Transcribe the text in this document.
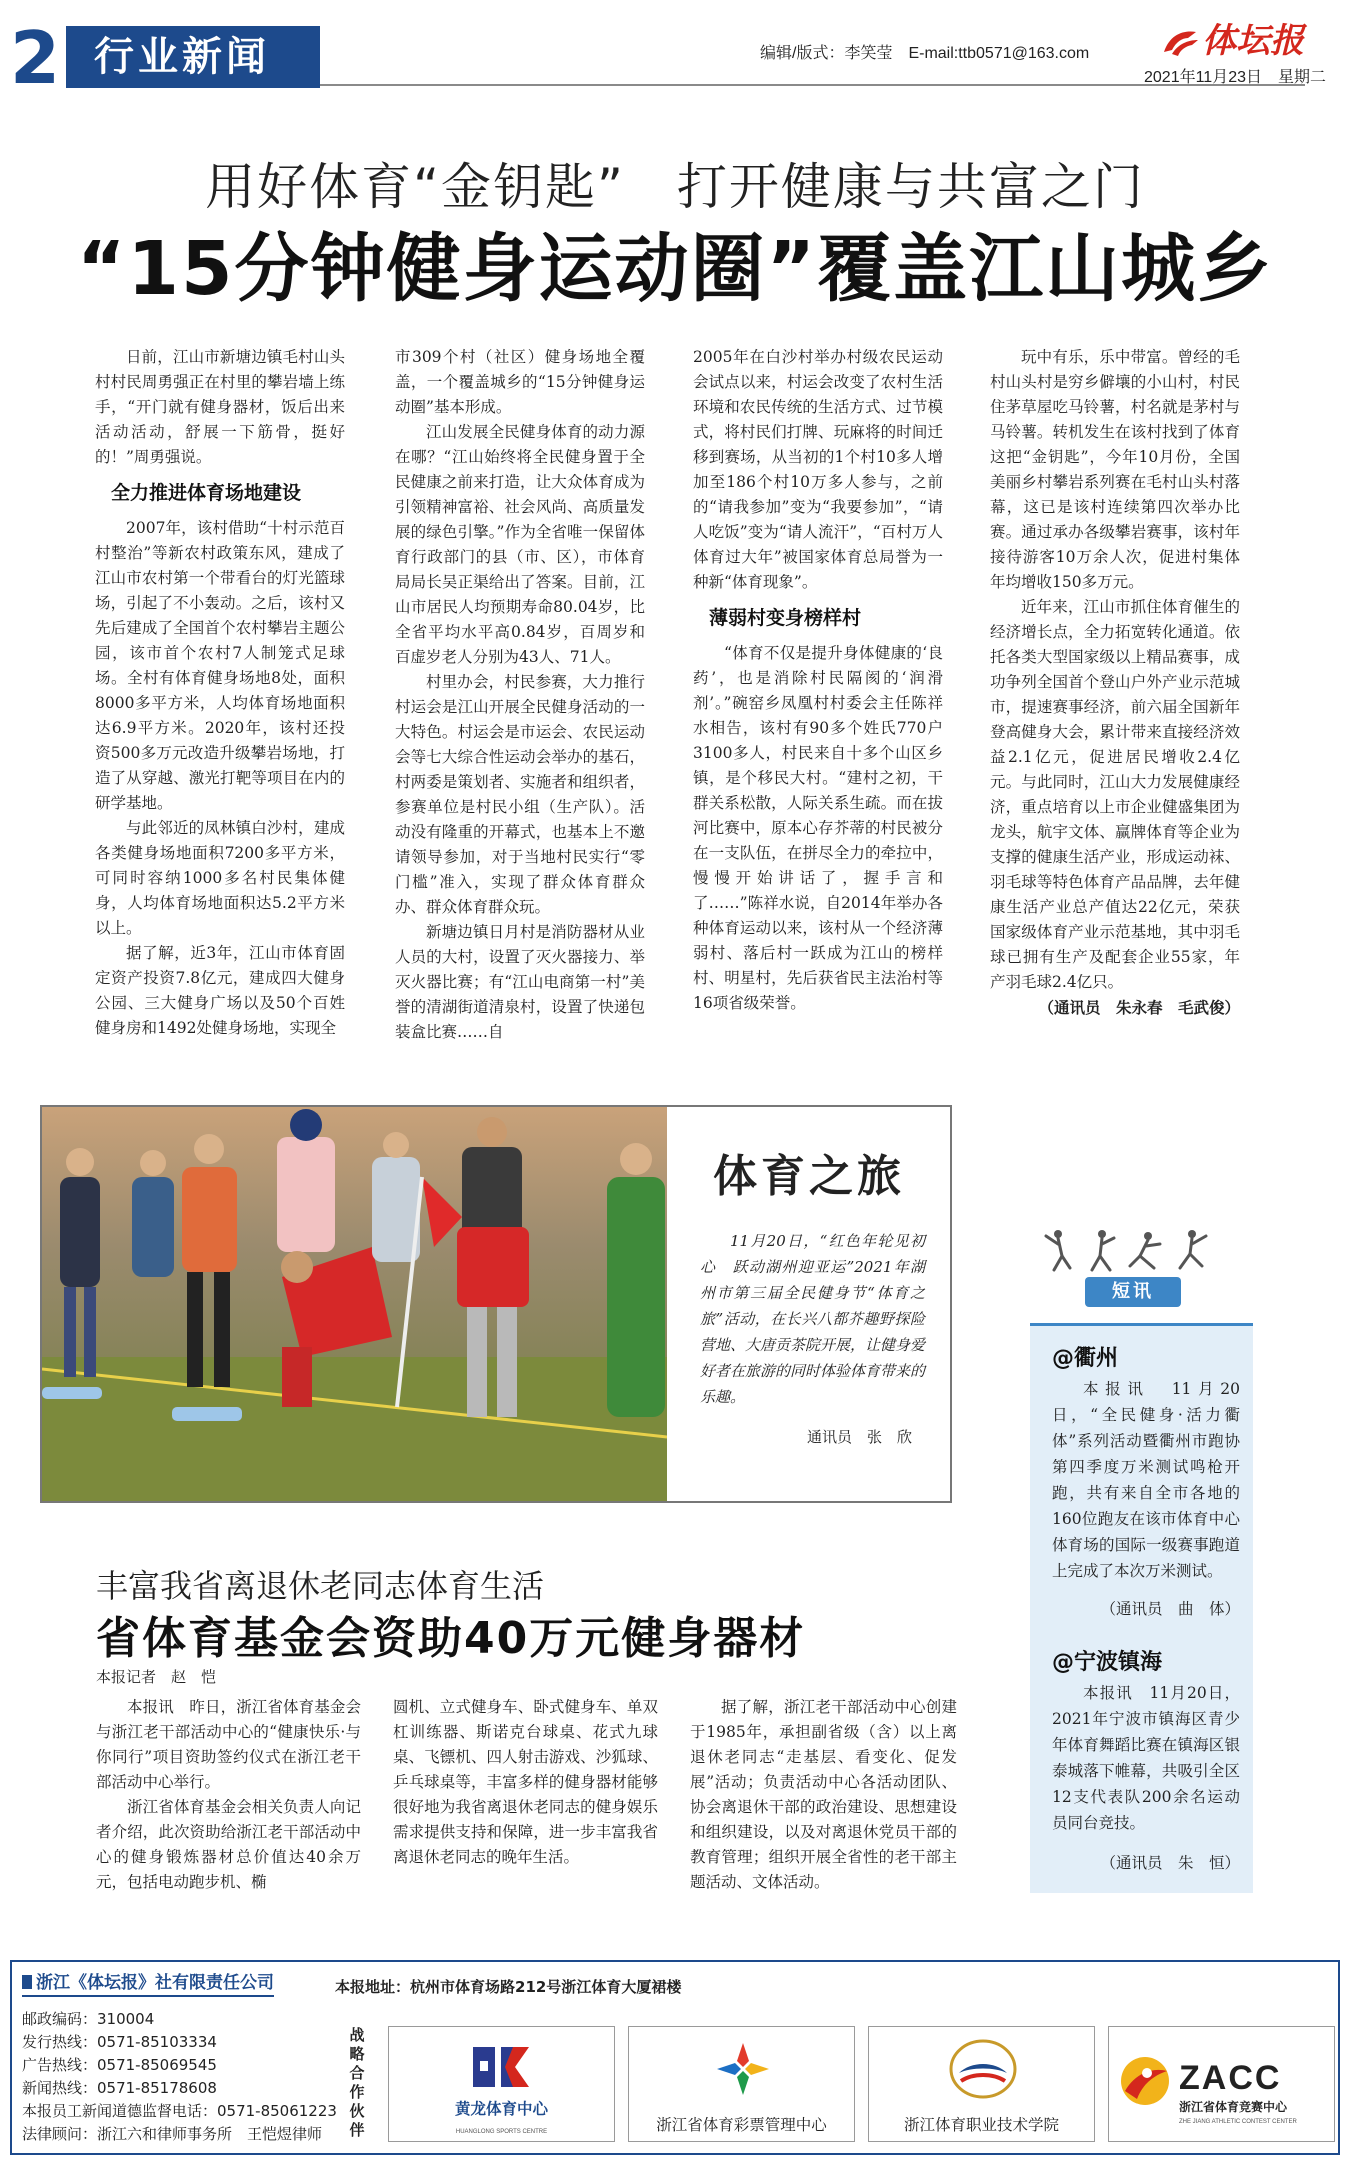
2 行业新闻	编辑/版式：李笑莹　E-mail:ttb0571@163.com	体坛报
2021年11月23日　星期二
用好体育“金钥匙”　打开健康与共富之门
“15分钟健身运动圈”覆盖江山城乡

日前，江山市新塘边镇毛村山头村村民周勇强正在村里的攀岩墙上练手，“开门就有健身器材，饭后出来活动活动，舒展一下筋骨，挺好的！”周勇强说。

全力推进体育场地建设

2007年，该村借助“十村示范百村整治”等新农村政策东风，建成了江山市农村第一个带看台的灯光篮球场，引起了不小轰动。之后，该村又先后建成了全国首个农村攀岩主题公园，该市首个农村7人制笼式足球场。全村有体育健身场地8处，面积8000多平方米，人均体育场地面积达6.9平方米。2020年，该村还投资500多万元改造升级攀岩场地，打造了从穿越、激光打靶等项目在内的研学基地。

与此邻近的凤林镇白沙村，建成各类健身场地面积7200多平方米，可同时容纳1000多名村民集体健身，人均体育场地面积达5.2平方米以上。

据了解，近3年，江山市体育固定资产投资7.8亿元，建成四大健身公园、三大健身广场以及50个百姓健身房和1492处健身场地，实现全

市309个村（社区）健身场地全覆盖，一个覆盖城乡的“15分钟健身运动圈”基本形成。

江山发展全民健身体育的动力源在哪？“江山始终将全民健身置于全民健康之前来打造，让大众体育成为引领精神富裕、社会风尚、高质量发展的绿色引擎。”作为全省唯一保留体育行政部门的县（市、区），市体育局局长吴正渠给出了答案。目前，江山市居民人均预期寿命80.04岁，比全省平均水平高0.84岁，百周岁和百虚岁老人分别为43人、71人。

村里办会，村民参赛，大力推行村运会是江山开展全民健身活动的一大特色。村运会是市运会、农民运动会等七大综合性运动会举办的基石，村两委是策划者、实施者和组织者，参赛单位是村民小组（生产队）。活动没有隆重的开幕式，也基本上不邀请领导参加，对于当地村民实行“零门槛”准入，实现了群众体育群众办、群众体育群众玩。

新塘边镇日月村是消防器材从业人员的大村，设置了灭火器接力、举灭火器比赛；有“江山电商第一村”美誉的清湖街道清泉村，设置了快递包装盒比赛……自

2005年在白沙村举办村级农民运动会试点以来，村运会改变了农村生活环境和农民传统的生活方式、过节模式，将村民们打牌、玩麻将的时间迁移到赛场，从当初的1个村10多人增加至186个村10万多人参与，之前的“请我参加”变为“我要参加”，“请人吃饭”变为“请人流汗”，“百村万人体育过大年”被国家体育总局誉为一种新“体育现象”。

薄弱村变身榜样村

“体育不仅是提升身体健康的‘良药’，也是消除村民隔阂的‘润滑剂’。”碗窑乡凤凰村村委会主任陈祥水相告，该村有90多个姓氏770户3100多人，村民来自十多个山区乡镇，是个移民大村。“建村之初，干群关系松散，人际关系生疏。而在拔河比赛中，原本心存芥蒂的村民被分在一支队伍，在拼尽全力的牵拉中，慢慢开始讲话了，握手言和了……”陈祥水说，自2014年举办各种体育运动以来，该村从一个经济薄弱村、落后村一跃成为江山的榜样村、明星村，先后获省民主法治村等16项省级荣誉。

玩中有乐，乐中带富。曾经的毛村山头村是穷乡僻壤的小山村，村民住茅草屋吃马铃薯，村名就是茅村与马铃薯。转机发生在该村找到了体育这把“金钥匙”，今年10月份，全国美丽乡村攀岩系列赛在毛村山头村落幕，这已是该村连续第四次举办比赛。通过承办各级攀岩赛事，该村年接待游客10万余人次，促进村集体年均增收150多万元。

近年来，江山市抓住体育催生的经济增长点，全力拓宽转化通道。依托各类大型国家级以上精品赛事，成功争列全国首个登山户外产业示范城市，提速赛事经济，前六届全国新年登高健身大会，累计带来直接经济效益2.1亿元，促进居民增收2.4亿元。与此同时，江山大力发展健康经济，重点培育以上市企业健盛集团为龙头，航宇文体、赢牌体育等企业为支撑的健康生活产业，形成运动袜、羽毛球等特色体育产品品牌，去年健康生活产业总产值达22亿元，荣获国家级体育产业示范基地，其中羽毛球已拥有生产及配套企业55家，年产羽毛球2.4亿只。

（通讯员　朱永春　毛武俊）
体育之旅

11月20日，“红色年轮见初心　跃动湖州迎亚运”2021年湖州市第三届全民健身节“体育之旅”活动，在长兴八都芥趣野探险营地、大唐贡茶院开展，让健身爱好者在旅游的同时体验体育带来的乐趣。

通讯员　张　欣
短讯
@衢州

本报讯　11月20日，“全民健身·活力衢体”系列活动暨衢州市跑协第四季度万米测试鸣枪开跑，共有来自全市各地的160位跑友在该市体育中心体育场的国际一级赛事跑道上完成了本次万米测试。

（通讯员　曲　体）
@宁波镇海

本报讯　11月20日，2021年宁波市镇海区青少年体育舞蹈比赛在镇海区银泰城落下帷幕，共吸引全区12支代表队200余名运动员同台竞技。

（通讯员　朱　恒）
丰富我省离退休老同志体育生活
省体育基金会资助40万元健身器材
本报记者　赵　恺

本报讯　昨日，浙江省体育基金会与浙江老干部活动中心的“健康快乐·与你同行”项目资助签约仪式在浙江老干部活动中心举行。

浙江省体育基金会相关负责人向记者介绍，此次资助给浙江老干部活动中心的健身锻炼器材总价值达40余万元，包括电动跑步机、椭

圆机、立式健身车、卧式健身车、单双杠训练器、斯诺克台球桌、花式九球桌、飞镖机、四人射击游戏、沙狐球、乒乓球桌等，丰富多样的健身器材能够很好地为我省离退休老同志的健身娱乐需求提供支持和保障，进一步丰富我省离退休老同志的晚年生活。

据了解，浙江老干部活动中心创建于1985年，承担副省级（含）以上离退休老同志“走基层、看变化、促发展”活动；负责活动中心各活动团队、协会离退休干部的政治建设、思想建设和组织建设，以及对离退休党员干部的教育管理；组织开展全省性的老干部主题活动、文体活动。

浙江《体坛报》社有限责任公司	本报地址：杭州市体育场路212号浙江体育大厦裙楼
邮政编码：310004
发行热线：0571-85103334
广告热线：0571-85069545
新闻热线：0571-85178608
本报员工新闻道德监督电话：0571-85061223
法律顾问：浙江六和律师事务所　王恺煜律师
战略合作伙伴
黄龙体育中心
HUANGLONG SPORTS CENTRE	浙江省体育彩票管理中心	浙江体育职业技术学院
ZACC
浙江省体育竞赛中心
ZHE JIANG ATHLETIC CONTEST CENTER
